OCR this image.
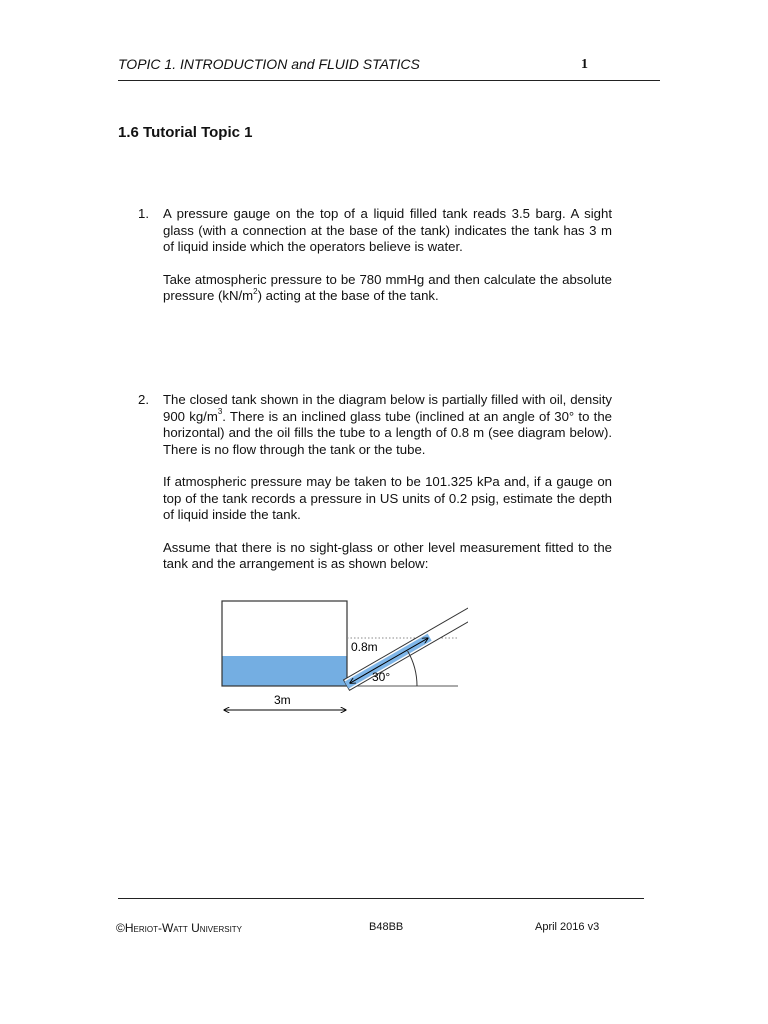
TOPIC 1. INTRODUCTION and FLUID STATICS	1
1.6 Tutorial Topic 1
1. A pressure gauge on the top of a liquid filled tank reads 3.5 barg. A sight glass (with a connection at the base of the tank) indicates the tank has 3 m of liquid inside which the operators believe is water.

Take atmospheric pressure to be 780 mmHg and then calculate the absolute pressure $(kN/m^2)$ acting at the base of the tank.

2. The closed tank shown in the diagram below is partially filled with oil, density 900 $kg/m^3$. There is an inclined glass tube (inclined at an angle of 30° to the horizontal) and the oil fills the tube to a length of 0.8 m (see diagram below). There is no flow through the tank or the tube.

If atmospheric pressure may be taken to be 101.325 kPa and, if a gauge on top of the tank records a pressure in US units of 0.2 psig, estimate the depth of liquid inside the tank.

Assume that there is no sight-glass or other level measurement fitted to the tank and the arrangement is as shown below:

0.8m
30°
3m
©Heriot-Watt University	B48BB	April 2016 v3
